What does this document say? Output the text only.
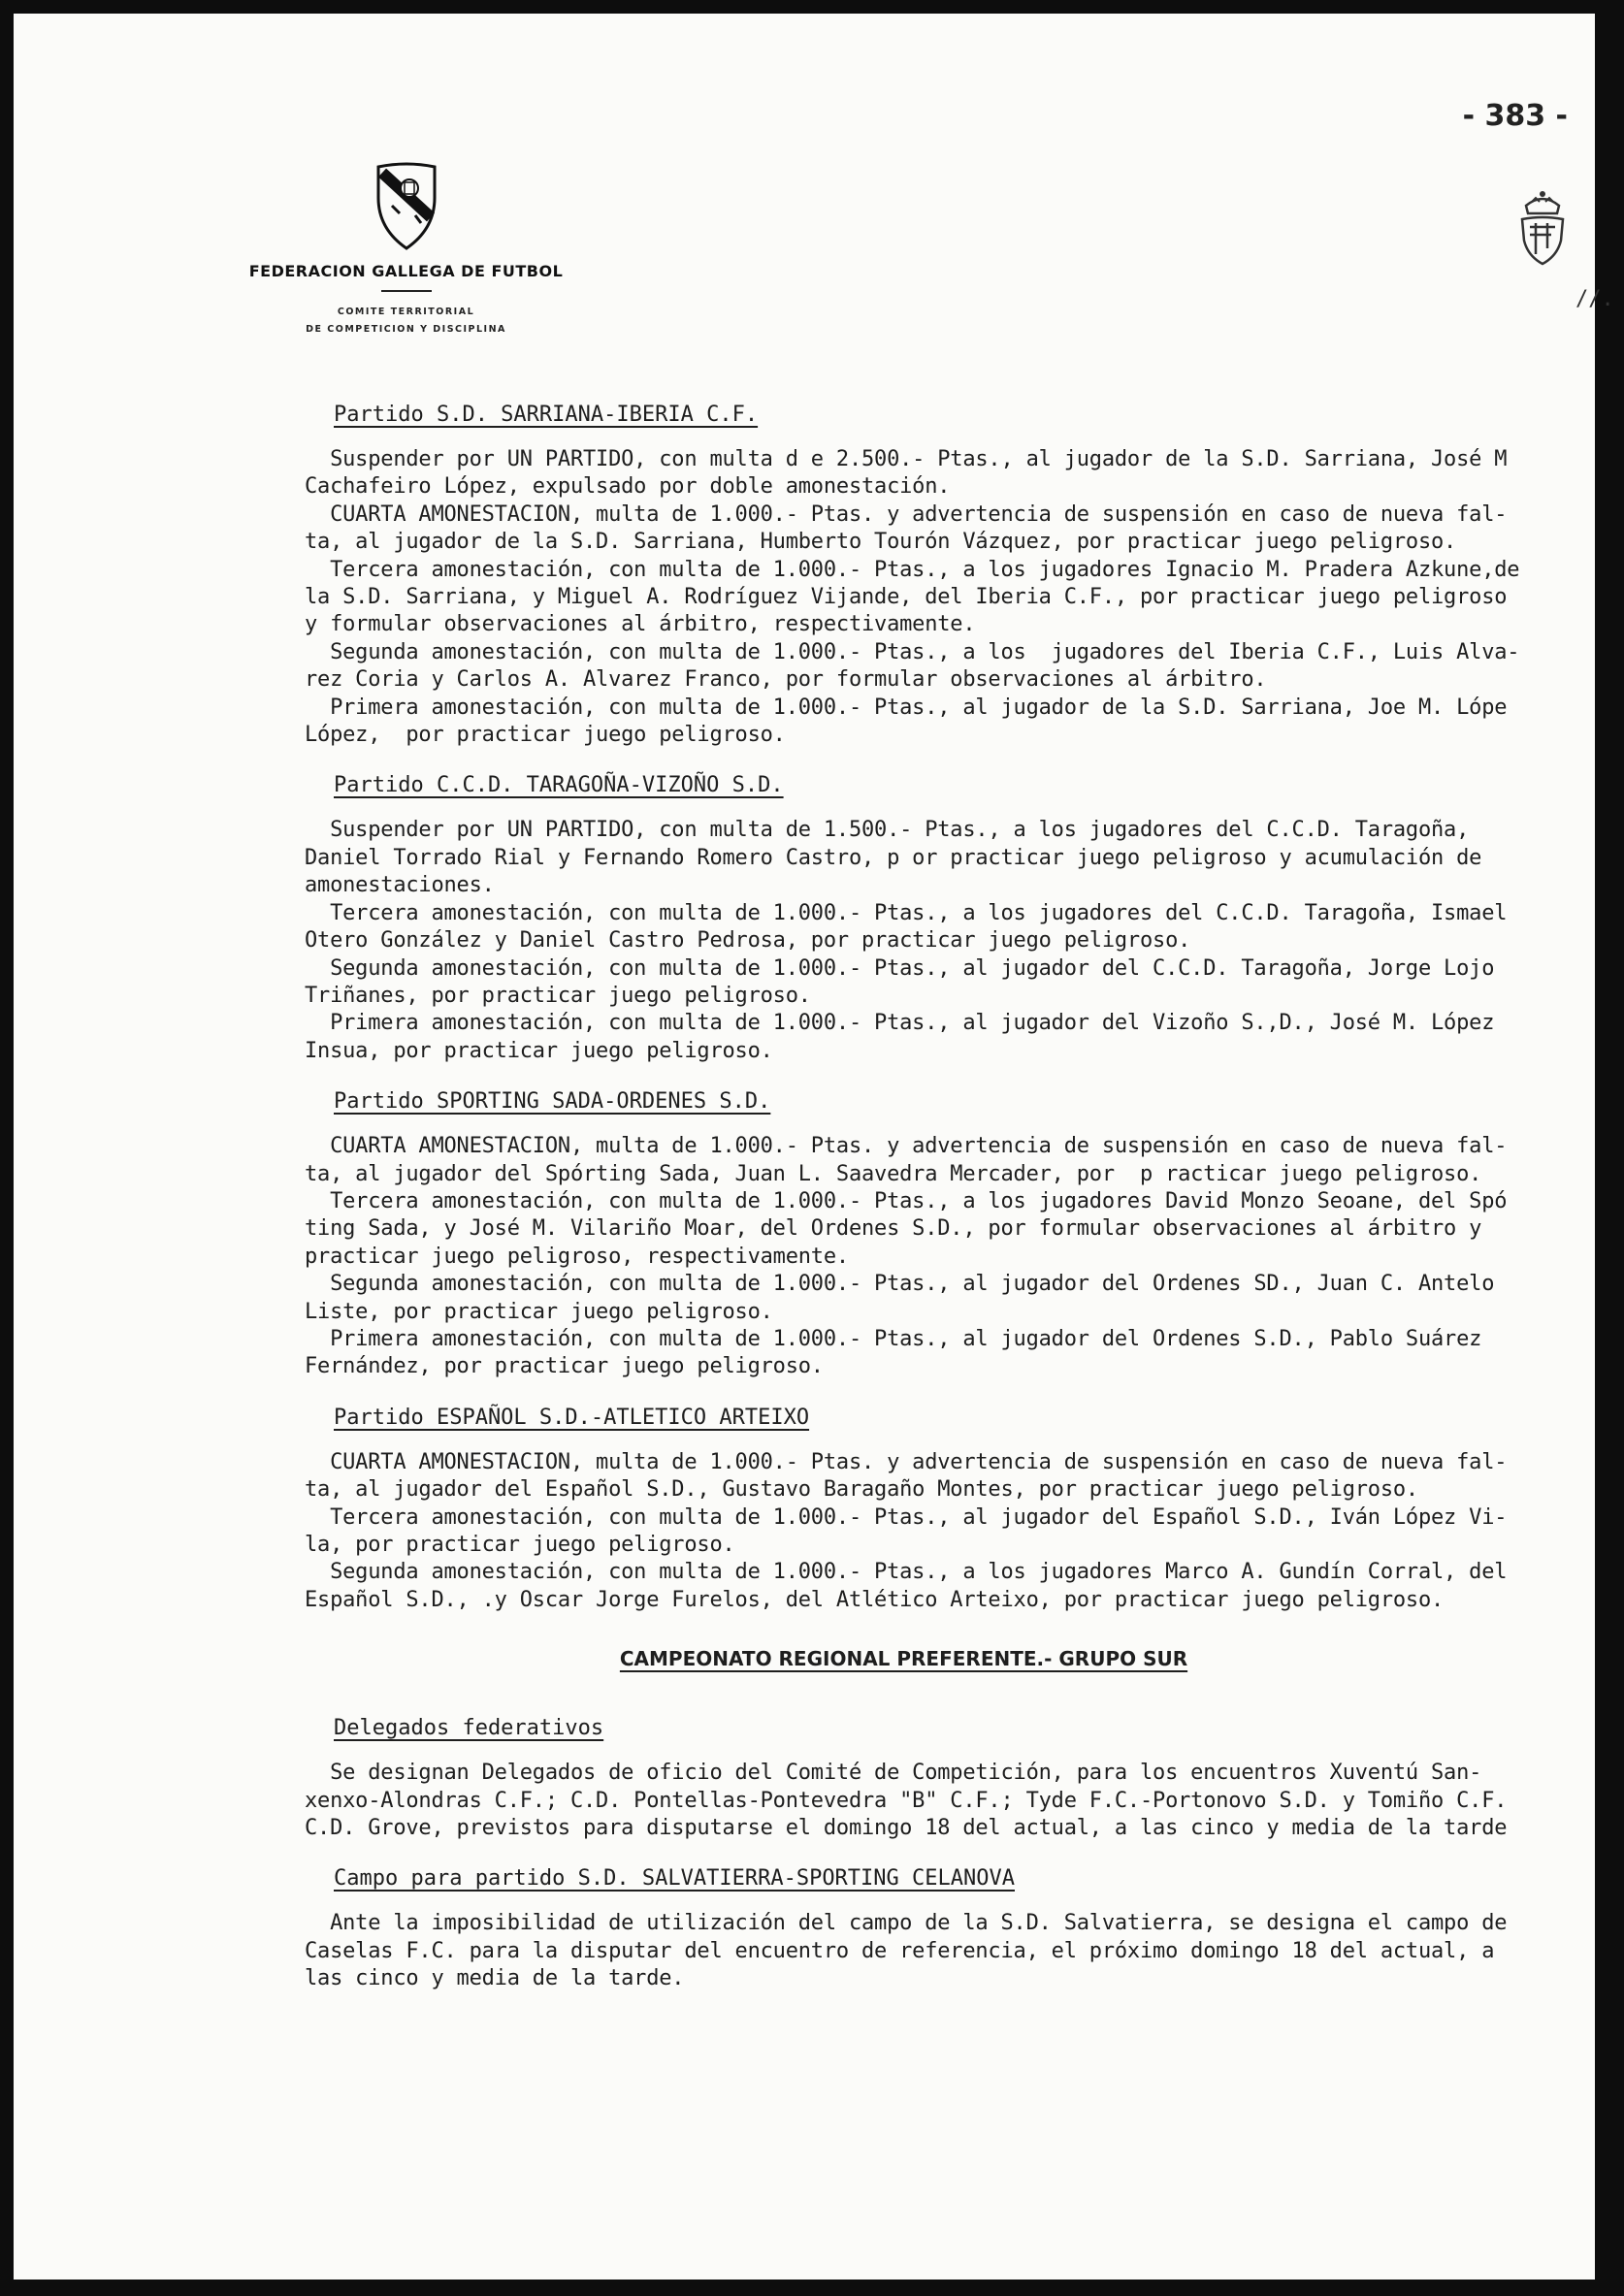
- 383 -
FEDERACION GALLEGA DE FUTBOL
COMITE TERRITORIAL
DE COMPETICION Y DISCIPLINA
//.
Partido S.D. SARRIANA-IBERIA C.F.

Suspender por UN PARTIDO, con multa d e 2.500.- Ptas., al jugador de la S.D. Sarriana, José M
Cachafeiro López, expulsado por doble amonestación.

CUARTA AMONESTACION, multa de 1.000.- Ptas. y advertencia de suspensión en caso de nueva fal-
ta, al jugador de la S.D. Sarriana, Humberto Tourón Vázquez, por practicar juego peligroso.

Tercera amonestación, con multa de 1.000.- Ptas., a los jugadores Ignacio M. Pradera Azkune,de
la S.D. Sarriana, y Miguel A. Rodríguez Vijande, del Iberia C.F., por practicar juego peligroso
y formular observaciones al árbitro, respectivamente.

Segunda amonestación, con multa de 1.000.- Ptas., a los  jugadores del Iberia C.F., Luis Alva-
rez Coria y Carlos A. Alvarez Franco, por formular observaciones al árbitro.

Primera amonestación, con multa de 1.000.- Ptas., al jugador de la S.D. Sarriana, Joe M. Lópe
López,  por practicar juego peligroso.

Partido C.C.D. TARAGOÑA-VIZOÑO S.D.

Suspender por UN PARTIDO, con multa de 1.500.- Ptas., a los jugadores del C.C.D. Taragoña,
Daniel Torrado Rial y Fernando Romero Castro, p or practicar juego peligroso y acumulación de
amonestaciones.

Tercera amonestación, con multa de 1.000.- Ptas., a los jugadores del C.C.D. Taragoña, Ismael
Otero González y Daniel Castro Pedrosa, por practicar juego peligroso.

Segunda amonestación, con multa de 1.000.- Ptas., al jugador del C.C.D. Taragoña, Jorge Lojo
Triñanes, por practicar juego peligroso.

Primera amonestación, con multa de 1.000.- Ptas., al jugador del Vizoño S.,D., José M. López
Insua, por practicar juego peligroso.

Partido SPORTING SADA-ORDENES S.D.

CUARTA AMONESTACION, multa de 1.000.- Ptas. y advertencia de suspensión en caso de nueva fal-
ta, al jugador del Spórting Sada, Juan L. Saavedra Mercader, por  p racticar juego peligroso.

Tercera amonestación, con multa de 1.000.- Ptas., a los jugadores David Monzo Seoane, del Spó
ting Sada, y José M. Vilariño Moar, del Ordenes S.D., por formular observaciones al árbitro y
practicar juego peligroso, respectivamente.

Segunda amonestación, con multa de 1.000.- Ptas., al jugador del Ordenes SD., Juan C. Antelo
Liste, por practicar juego peligroso.

Primera amonestación, con multa de 1.000.- Ptas., al jugador del Ordenes S.D., Pablo Suárez
Fernández, por practicar juego peligroso.

Partido ESPAÑOL S.D.-ATLETICO ARTEIXO

CUARTA AMONESTACION, multa de 1.000.- Ptas. y advertencia de suspensión en caso de nueva fal-
ta, al jugador del Español S.D., Gustavo Baragaño Montes, por practicar juego peligroso.

Tercera amonestación, con multa de 1.000.- Ptas., al jugador del Español S.D., Iván López Vi-
la, por practicar juego peligroso.

Segunda amonestación, con multa de 1.000.- Ptas., a los jugadores Marco A. Gundín Corral, del
Español S.D., .y Oscar Jorge Furelos, del Atlético Arteixo, por practicar juego peligroso.

CAMPEONATO REGIONAL PREFERENTE.- GRUPO SUR
Delegados federativos

Se designan Delegados de oficio del Comité de Competición, para los encuentros Xuventú San-
xenxo-Alondras C.F.; C.D. Pontellas-Pontevedra "B" C.F.; Tyde F.C.-Portonovo S.D. y Tomiño C.F.
C.D. Grove, previstos para disputarse el domingo 18 del actual, a las cinco y media de la tarde

Campo para partido S.D. SALVATIERRA-SPORTING CELANOVA

Ante la imposibilidad de utilización del campo de la S.D. Salvatierra, se designa el campo de
Caselas F.C. para la disputar del encuentro de referencia, el próximo domingo 18 del actual, a
las cinco y media de la tarde.
